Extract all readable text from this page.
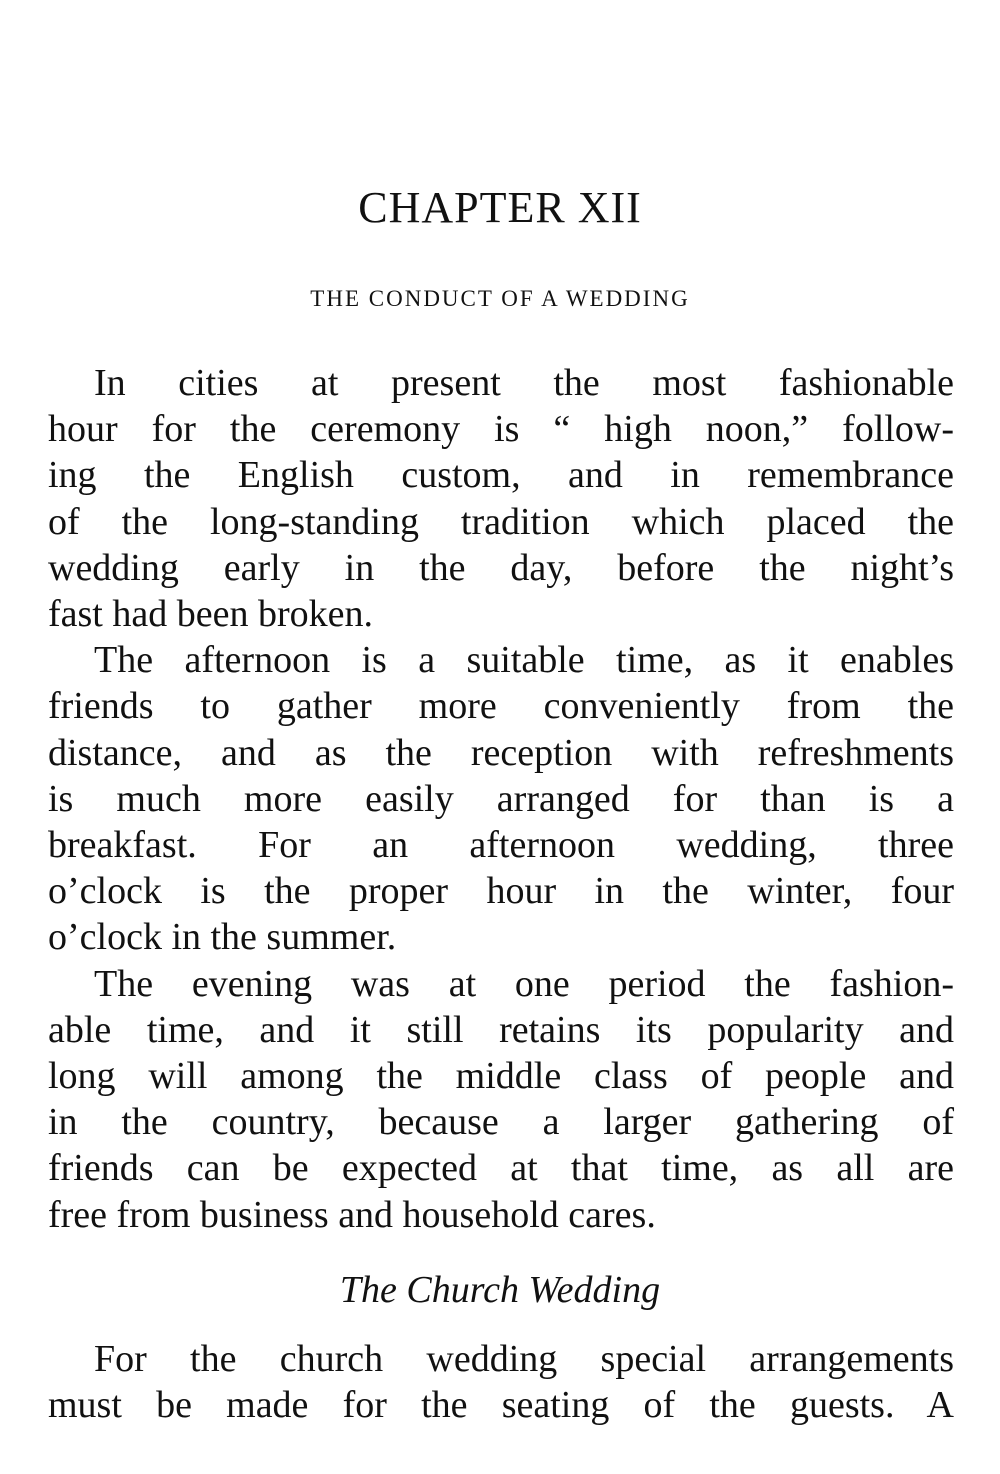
CHAPTER XII
THE CONDUCT OF A WEDDING

In cities at present the most fashionable
hour for the ceremony is “ high noon,” follow-
ing the English custom, and in remembrance
of the long-standing tradition which placed the
wedding early in the day, before the night’s
fast had been broken.

The afternoon is a suitable time, as it enables
friends to gather more conveniently from the
distance, and as the reception with refreshments
is much more easily arranged for than is a
breakfast. For an afternoon wedding, three
o’clock is the proper hour in the winter, four
o’clock in the summer.

The evening was at one period the fashion-
able time, and it still retains its popularity and
long will among the middle class of people and
in the country, because a larger gathering of
friends can be expected at that time, as all are
free from business and household cares.

The Church Wedding

For the church wedding special arrangements
must be made for the seating of the guests. A
